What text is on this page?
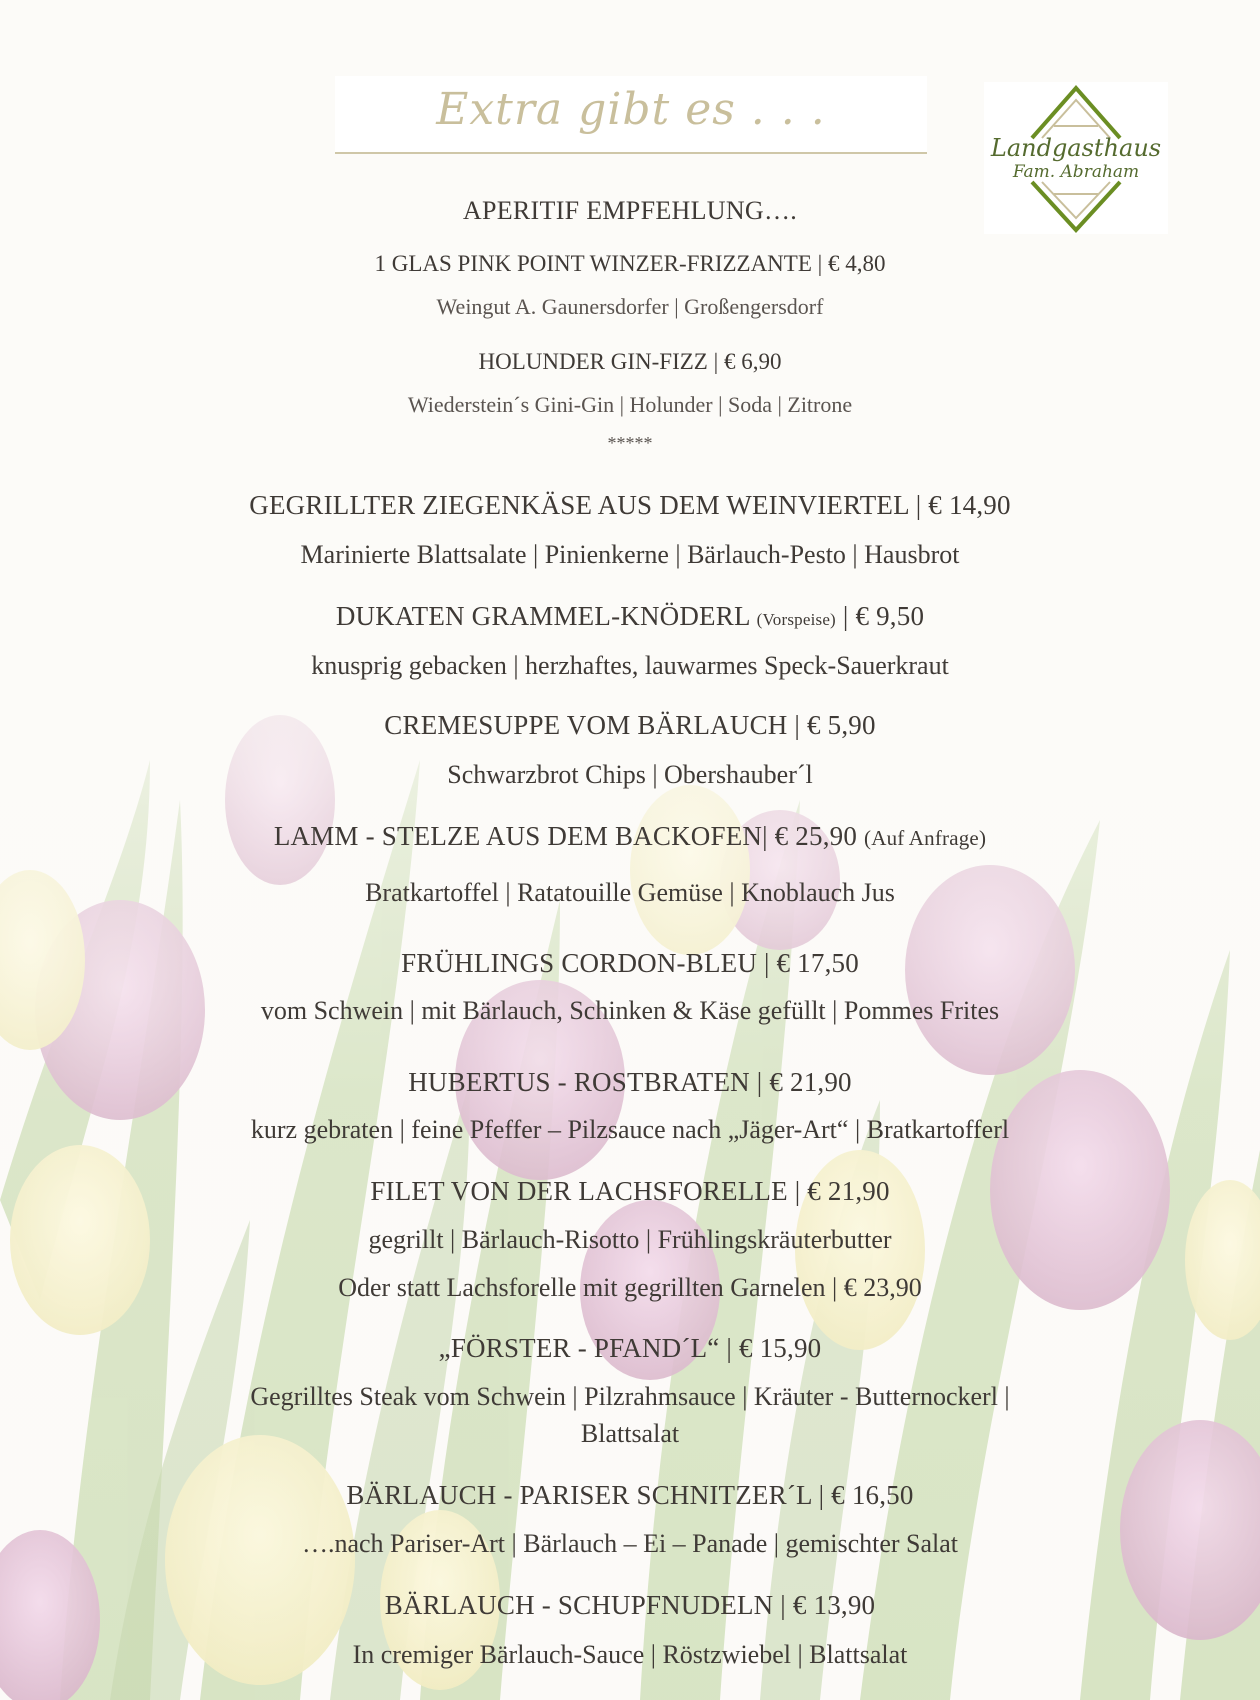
Extra gibt es . . .
Landgasthaus
Fam. Abraham
APERITIF EMPFEHLUNG….
1 GLAS PINK POINT WINZER-FRIZZANTE | € 4,80
Weingut A. Gaunersdorfer | Großengersdorf
HOLUNDER GIN-FIZZ | € 6,90
Wiederstein´s Gini-Gin | Holunder | Soda | Zitrone
*****
GEGRILLTER ZIEGENKÄSE AUS DEM WEINVIERTEL | € 14,90
Marinierte Blattsalate | Pinienkerne | Bärlauch-Pesto | Hausbrot
DUKATEN GRAMMEL-KNÖDERL (Vorspeise) | € 9,50
knusprig gebacken | herzhaftes, lauwarmes Speck-Sauerkraut
CREMESUPPE VOM BÄRLAUCH | € 5,90
Schwarzbrot Chips | Obershauber´l
LAMM - STELZE AUS DEM BACKOFEN| € 25,90 (Auf Anfrage)
Bratkartoffel | Ratatouille Gemüse | Knoblauch Jus
FRÜHLINGS CORDON-BLEU | € 17,50
vom Schwein | mit Bärlauch, Schinken & Käse gefüllt | Pommes Frites
HUBERTUS - ROSTBRATEN | € 21,90
kurz gebraten | feine Pfeffer – Pilzsauce nach „Jäger-Art“ | Bratkartofferl
FILET VON DER LACHSFORELLE | € 21,90
gegrillt | Bärlauch-Risotto | Frühlingskräuterbutter
Oder statt Lachsforelle mit gegrillten Garnelen | € 23,90
„FÖRSTER - PFAND´L“ | € 15,90
Gegrilltes Steak vom Schwein | Pilzrahmsauce | Kräuter - Butternockerl |
Blattsalat
BÄRLAUCH - PARISER SCHNITZER´L | € 16,50
….nach Pariser-Art | Bärlauch – Ei – Panade | gemischter Salat
BÄRLAUCH - SCHUPFNUDELN | € 13,90
In cremiger Bärlauch-Sauce | Röstzwiebel | Blattsalat
